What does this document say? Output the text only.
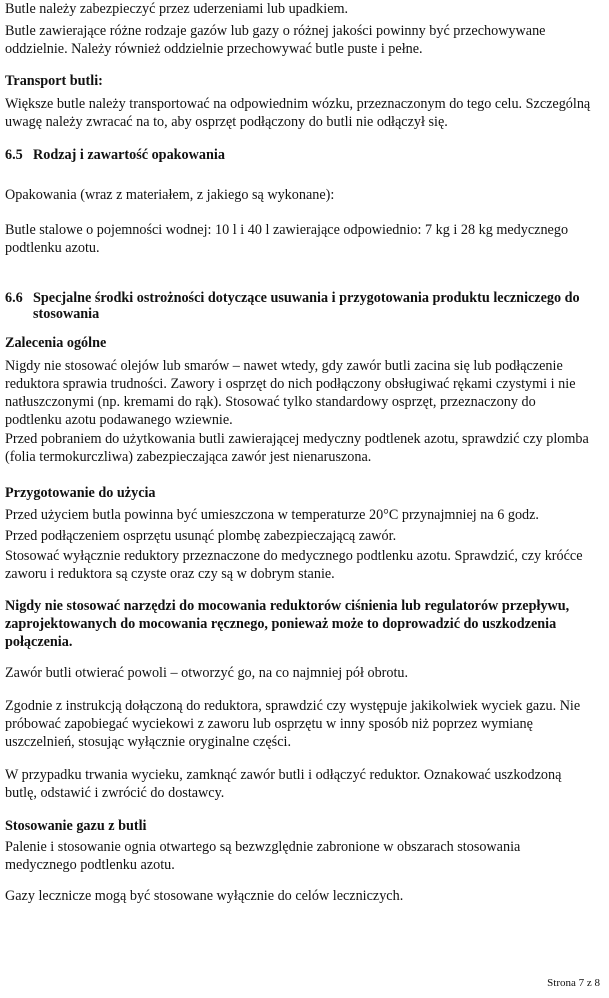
Butle należy zabezpieczyć przez uderzeniami lub upadkiem.

Butle zawierające różne rodzaje gazów lub gazy o różnej jakości powinny być przechowywane oddzielnie. Należy również oddzielnie przechowywać butle puste i pełne.

Transport butli:

Większe butle należy transportować na odpowiednim wózku, przeznaczonym do tego celu. Szczególną uwagę należy zwracać na to, aby osprzęt podłączony do butli nie odłączył się.

6.5 Rodzaj i zawartość opakowania

Opakowania (wraz z materiałem, z jakiego są wykonane):

Butle stalowe o pojemności wodnej: 10 l i 40 l zawierające odpowiednio: 7 kg i 28 kg medycznego podtlenku azotu.

6.6 Specjalne środki ostrożności dotyczące usuwania i przygotowania produktu leczniczego do

stosowania

Zalecenia ogólne

Nigdy nie stosować olejów lub smarów – nawet wtedy, gdy zawór butli zacina się lub podłączenie reduktora sprawia trudności. Zawory i osprzęt do nich podłączony obsługiwać rękami czystymi i nie natłuszczonymi (np. kremami do rąk). Stosować tylko standardowy osprzęt, przeznaczony do podtlenku azotu podawanego wziewnie.

Przed pobraniem do użytkowania butli zawierającej medyczny podtlenek azotu, sprawdzić czy plomba (folia termokurczliwa) zabezpieczająca zawór jest nienaruszona.

Przygotowanie do użycia

Przed użyciem butla powinna być umieszczona w temperaturze 20°C przynajmniej na 6 godz.

Przed podłączeniem osprzętu usunąć plombę zabezpieczającą zawór.

Stosować wyłącznie reduktory przeznaczone do medycznego podtlenku azotu. Sprawdzić, czy króćce zaworu i reduktora są czyste oraz czy są w dobrym stanie.

Nigdy nie stosować narzędzi do mocowania reduktorów ciśnienia lub regulatorów przepływu, zaprojektowanych do mocowania ręcznego, ponieważ może to doprowadzić do uszkodzenia połączenia.

Zawór butli otwierać powoli – otworzyć go, na co najmniej pół obrotu.

Zgodnie z instrukcją dołączoną do reduktora, sprawdzić czy występuje jakikolwiek wyciek gazu. Nie próbować zapobiegać wyciekowi z zaworu lub osprzętu w inny sposób niż poprzez wymianę uszczelnień, stosując wyłącznie oryginalne części.

W przypadku trwania wycieku, zamknąć zawór butli i odłączyć reduktor. Oznakować uszkodzoną butlę, odstawić i zwrócić do dostawcy.

Stosowanie gazu z butli

Palenie i stosowanie ognia otwartego są bezwzględnie zabronione w obszarach stosowania medycznego podtlenku azotu.

Gazy lecznicze mogą być stosowane wyłącznie do celów leczniczych.

Strona 7 z 8
